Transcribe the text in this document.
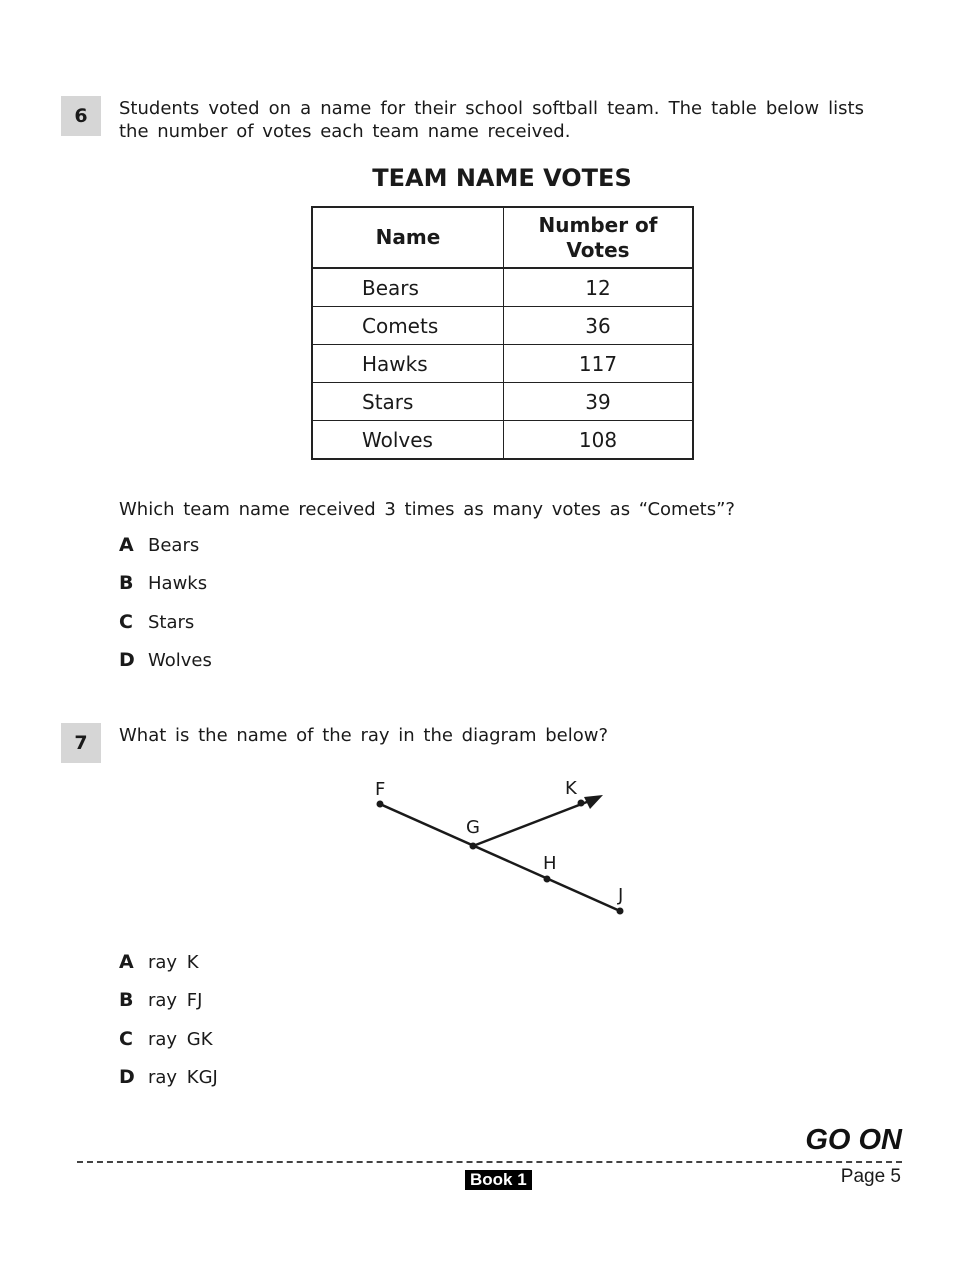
6	Students voted on a name for their school softball team. The table below lists the number of votes each team name received.
TEAM NAME VOTES
Name	Number of Votes

Bears	12
Comets	36
Hawks	117
Stars	39
Wolves	108
Which team name received 3 times as many votes as “Comets”?
A Bears
B Hawks
C Stars
D Wolves
7	What is the name of the ray in the diagram below?
F
G
H
J
K
A ray K
B ray FJ
C ray GK
D ray KGJ
GO ON
Book 1	Page 5
